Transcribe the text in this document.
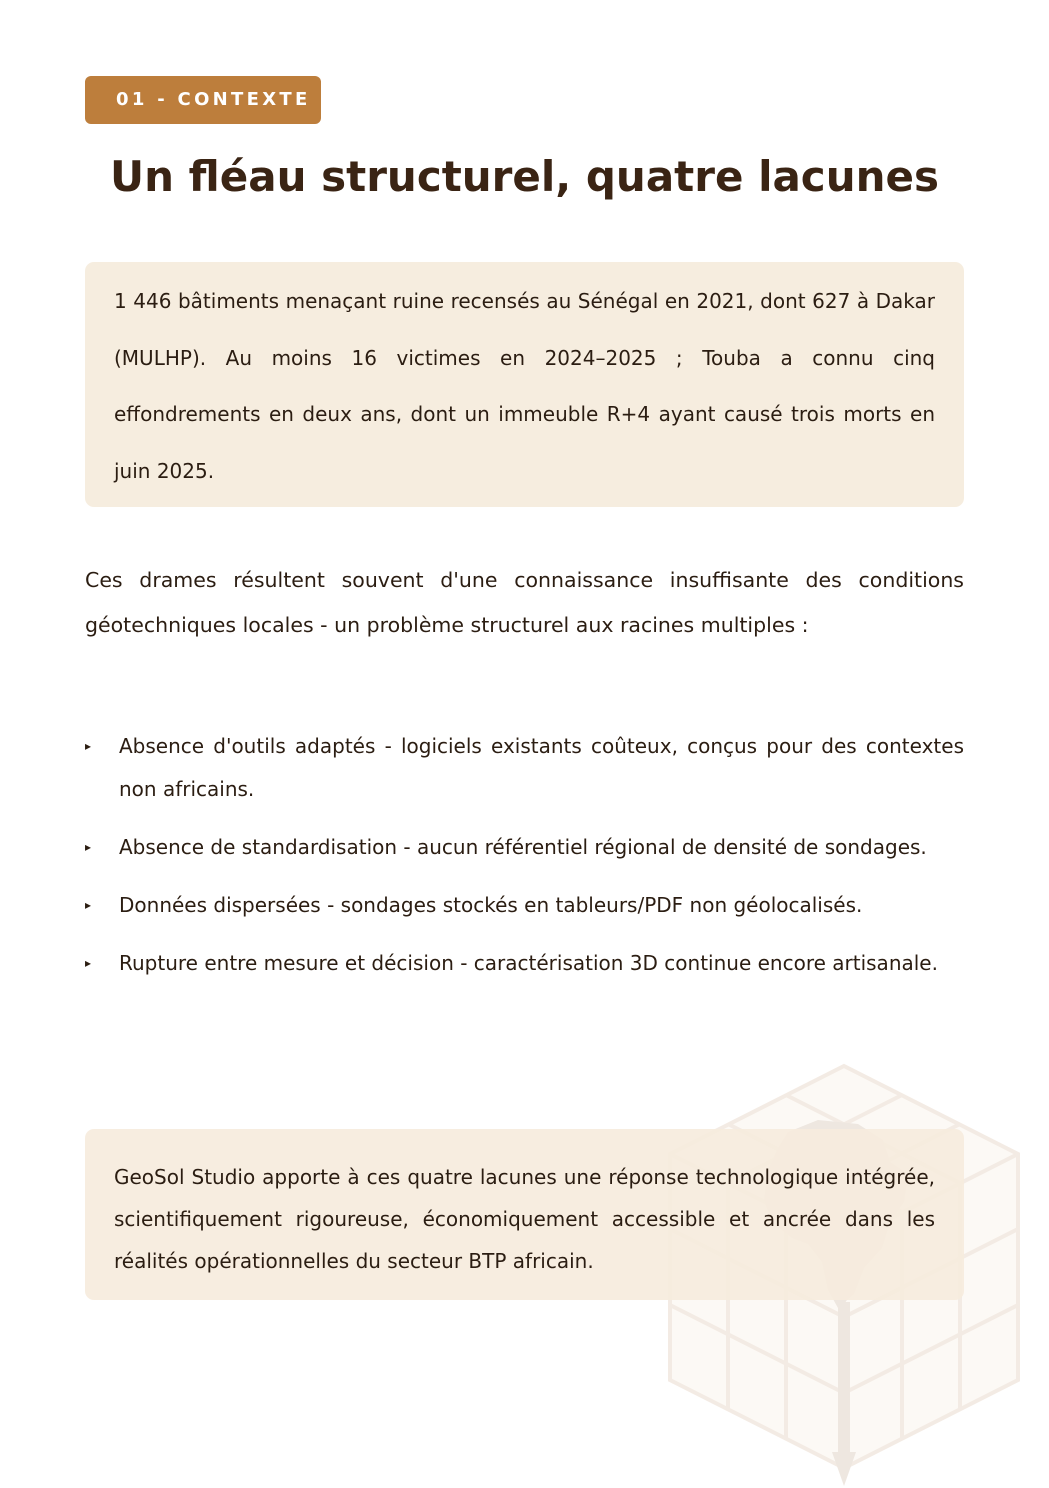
01 - CONTEXTE
Un fléau structurel, quatre lacunes

1 446 bâtiments menaçant ruine recensés au Sénégal en 2021, dont 627 à Dakar (MULHP). Au moins 16 victimes en 2024–2025 ; Touba a connu cinq effondrements en deux ans, dont un immeuble R+4 ayant causé trois morts en juin 2025.

Ces drames résultent souvent d'une connaissance insuffisante des conditions géotechniques locales - un problème structurel aux racines multiples :

▸ Absence d'outils adaptés - logiciels existants coûteux, conçus pour des contextes non africains.
▸ Absence de standardisation - aucun référentiel régional de densité de sondages.
▸ Données dispersées - sondages stockés en tableurs/PDF non géolocalisés.
▸ Rupture entre mesure et décision - caractérisation 3D continue encore artisanale.

GeoSol Studio apporte à ces quatre lacunes une réponse technologique intégrée, scientifiquement rigoureuse, économiquement accessible et ancrée dans les réalités opérationnelles du secteur BTP africain.
